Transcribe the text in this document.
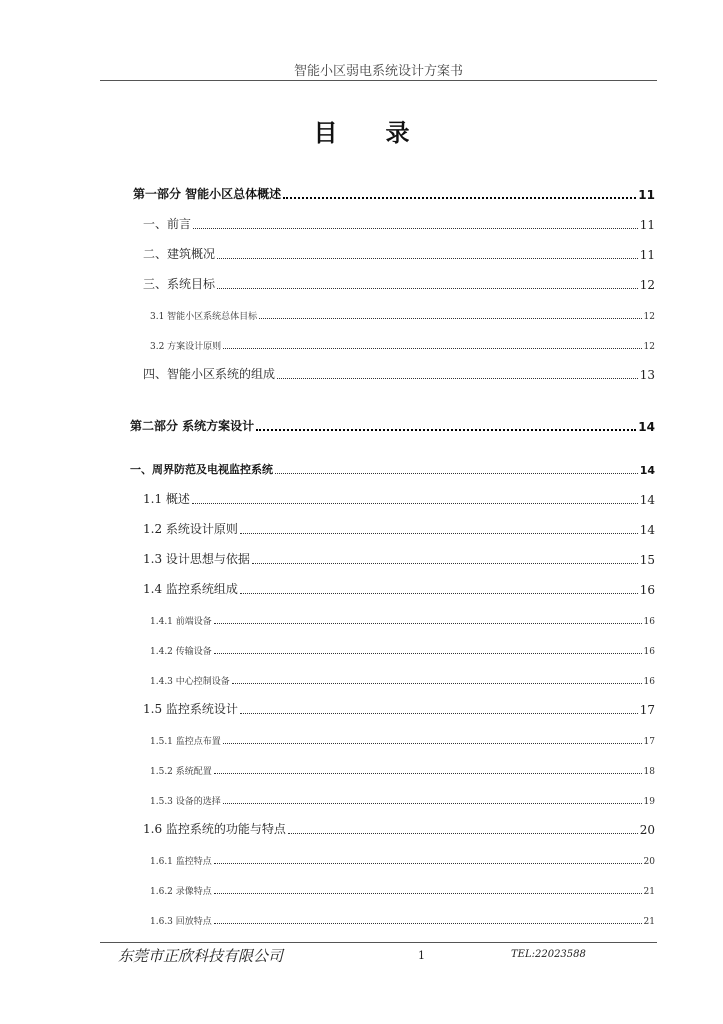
智能小区弱电系统设计方案书
目 录
第一部分 智能小区总体概述	11
一、前言	11
二、建筑概况	11
三、系统目标	12
3.1 智能小区系统总体目标	12
3.2 方案设计原则	12
四、智能小区系统的组成	13
第二部分 系统方案设计	14
一、周界防范及电视监控系统	14
1.1 概述	14
1.2 系统设计原则	14
1.3 设计思想与依据	15
1.4 监控系统组成	16
1.4.1 前端设备	16
1.4.2 传输设备	16
1.4.3 中心控制设备	16
1.5 监控系统设计	17
1.5.1 监控点布置	17
1.5.2 系统配置	18
1.5.3 设备的选择	19
1.6 监控系统的功能与特点	20
1.6.1 监控特点	20
1.6.2 录像特点	21
1.6.3 回放特点	21
东莞市正欣科技有限公司	1	TEL:22023588
